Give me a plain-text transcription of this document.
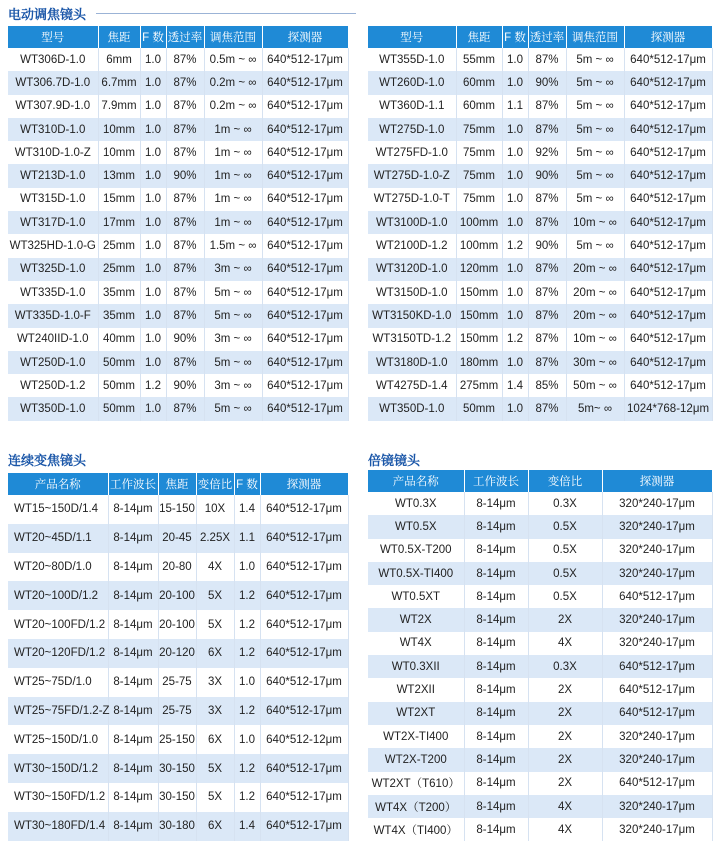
电动调焦镜头
型号	焦距	F 数	透过率	调焦范围	探测器
WT306D-1.0	6mm	1.0	87%	0.5m ~ ∞	640*512-17μm
WT306.7D-1.0	6.7mm	1.0	87%	0.2m ~ ∞	640*512-17μm
WT307.9D-1.0	7.9mm	1.0	87%	0.2m ~ ∞	640*512-17μm
WT310D-1.0	10mm	1.0	87%	1m ~ ∞	640*512-17μm
WT310D-1.0-Z	10mm	1.0	87%	1m ~ ∞	640*512-17μm
WT213D-1.0	13mm	1.0	90%	1m ~ ∞	640*512-17μm
WT315D-1.0	15mm	1.0	87%	1m ~ ∞	640*512-17μm
WT317D-1.0	17mm	1.0	87%	1m ~ ∞	640*512-17μm
WT325HD-1.0-G	25mm	1.0	87%	1.5m ~ ∞	640*512-17μm
WT325D-1.0	25mm	1.0	87%	3m ~ ∞	640*512-17μm
WT335D-1.0	35mm	1.0	87%	5m ~ ∞	640*512-17μm
WT335D-1.0-F	35mm	1.0	87%	5m ~ ∞	640*512-17μm
WT240IID-1.0	40mm	1.0	90%	3m ~ ∞	640*512-17μm
WT250D-1.0	50mm	1.0	87%	5m ~ ∞	640*512-17μm
WT250D-1.2	50mm	1.2	90%	3m ~ ∞	640*512-17μm
WT350D-1.0	50mm	1.0	87%	5m ~ ∞	640*512-17μm
型号	焦距	F 数	透过率	调焦范围	探测器
WT355D-1.0	55mm	1.0	87%	5m ~ ∞	640*512-17μm
WT260D-1.0	60mm	1.0	90%	5m ~ ∞	640*512-17μm
WT360D-1.1	60mm	1.1	87%	5m ~ ∞	640*512-17μm
WT275D-1.0	75mm	1.0	87%	5m ~ ∞	640*512-17μm
WT275FD-1.0	75mm	1.0	92%	5m ~ ∞	640*512-17μm
WT275D-1.0-Z	75mm	1.0	90%	5m ~ ∞	640*512-17μm
WT275D-1.0-T	75mm	1.0	87%	5m ~ ∞	640*512-17μm
WT3100D-1.0	100mm	1.0	87%	10m ~ ∞	640*512-17μm
WT2100D-1.2	100mm	1.2	90%	5m ~ ∞	640*512-17μm
WT3120D-1.0	120mm	1.0	87%	20m ~ ∞	640*512-17μm
WT3150D-1.0	150mm	1.0	87%	20m ~ ∞	640*512-17μm
WT3150KD-1.0	150mm	1.0	87%	20m ~ ∞	640*512-17μm
WT3150TD-1.2	150mm	1.2	87%	10m ~ ∞	640*512-17μm
WT3180D-1.0	180mm	1.0	87%	30m ~ ∞	640*512-17μm
WT4275D-1.4	275mm	1.4	85%	50m ~ ∞	640*512-17μm
WT350D-1.0	50mm	1.0	87%	5m~ ∞	1024*768-12μm
连续变焦镜头
产品名称	工作波长	焦距	变倍比	F 数	探测器
WT15~150D/1.4	8-14μm	15-150	10X	1.4	640*512-17μm
WT20~45D/1.1	8-14μm	20-45	2.25X	1.1	640*512-17μm
WT20~80D/1.0	8-14μm	20-80	4X	1.0	640*512-17μm
WT20~100D/1.2	8-14μm	20-100	5X	1.2	640*512-17μm
WT20~100FD/1.2	8-14μm	20-100	5X	1.2	640*512-17μm
WT20~120FD/1.2	8-14μm	20-120	6X	1.2	640*512-17μm
WT25~75D/1.0	8-14μm	25-75	3X	1.0	640*512-17μm
WT25~75FD/1.2-Z	8-14μm	25-75	3X	1.2	640*512-17μm
WT25~150D/1.0	8-14μm	25-150	6X	1.0	640*512-12μm
WT30~150D/1.2	8-14μm	30-150	5X	1.2	640*512-17μm
WT30~150FD/1.2	8-14μm	30-150	5X	1.2	640*512-17μm
WT30~180FD/1.4	8-14μm	30-180	6X	1.4	640*512-17μm
倍镜镜头
产品名称	工作波长	变倍比	探测器
WT0.3X	8-14μm	0.3X	320*240-17μm
WT0.5X	8-14μm	0.5X	320*240-17μm
WT0.5X-T200	8-14μm	0.5X	320*240-17μm
WT0.5X-TI400	8-14μm	0.5X	320*240-17μm
WT0.5XT	8-14μm	0.5X	640*512-17μm
WT2X	8-14μm	2X	320*240-17μm
WT4X	8-14μm	4X	320*240-17μm
WT0.3XII	8-14μm	0.3X	640*512-17μm
WT2XII	8-14μm	2X	640*512-17μm
WT2XT	8-14μm	2X	640*512-17μm
WT2X-TI400	8-14μm	2X	320*240-17μm
WT2X-T200	8-14μm	2X	320*240-17μm
WT2XT（T610）	8-14μm	2X	640*512-17μm
WT4X（T200）	8-14μm	4X	320*240-17μm
WT4X（TI400）	8-14μm	4X	320*240-17μm
